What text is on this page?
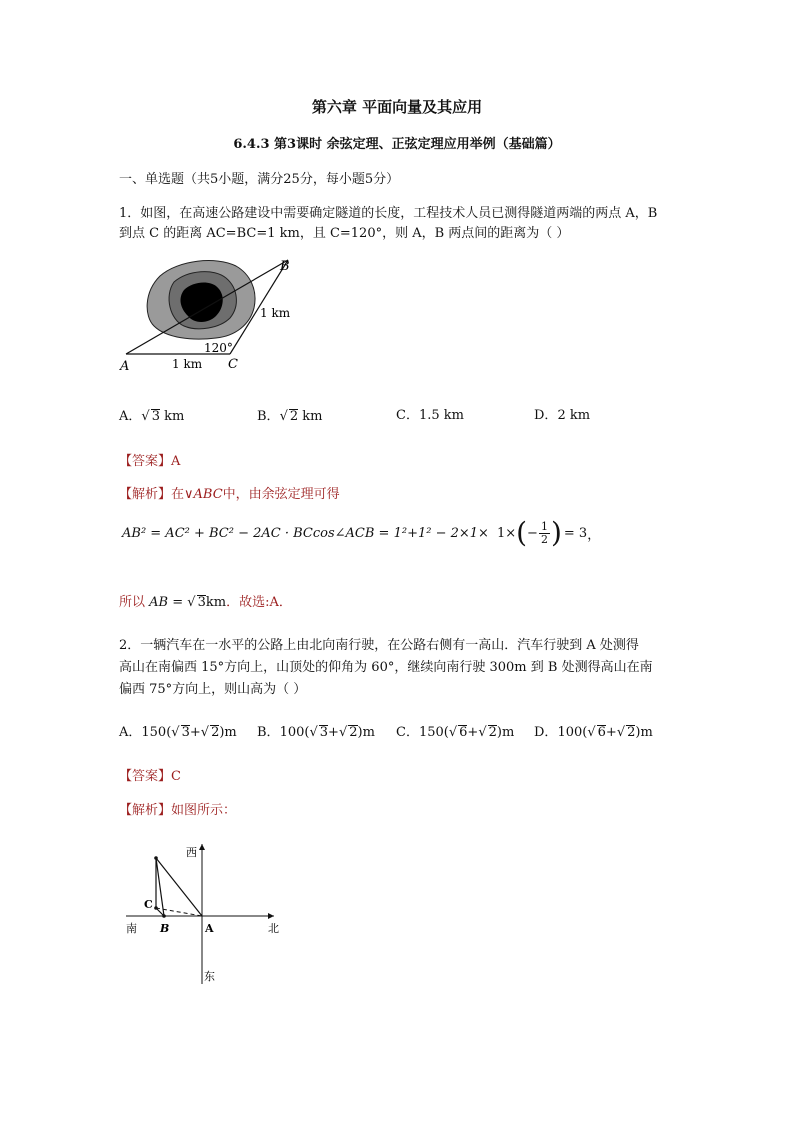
第六章 平面向量及其应用
6.4.3 第3课时 余弦定理、正弦定理应用举例（基础篇）
一、单选题（共5小题，满分25分，每小题5分）
1．如图，在高速公路建设中需要确定隧道的长度，工程技术人员已测得隧道两端的两点 A，B
到点 C 的距离 AC=BC=1 km，且 C=120°，则 A，B 两点间的距离为（ ）
A
B
C
1 km
1 km
120°
A．√ 3 km	B．√ 2 km	C．1.5 km	D．2 km
【答案】A
【解析】在∨ABC中，由余弦定理可得
AB² = AC² + BC² − 2AC · BCcos∠ACB = 1²+1² − 2×1× 1× ( − $\frac{1}{2}$ ) = 3 ，
所以 AB = √ 3km．故选:A．
2．一辆汽车在一水平的公路上由北向南行驶，在公路右侧有一高山．汽车行驶到 A 处测得
高山在南偏西 15°方向上，山顶处的仰角为 60°，继续向南行驶 300m 到 B 处测得高山在南
偏西 75°方向上，则山高为（ ）
A．150(√ 3+√ 2)m B．100(√ 3+√ 2)m C．150(√ 6+√ 2)m D．100(√ 6+√ 2)m
【答案】C
【解析】如图所示：
西
南	北
东
A
B
C
